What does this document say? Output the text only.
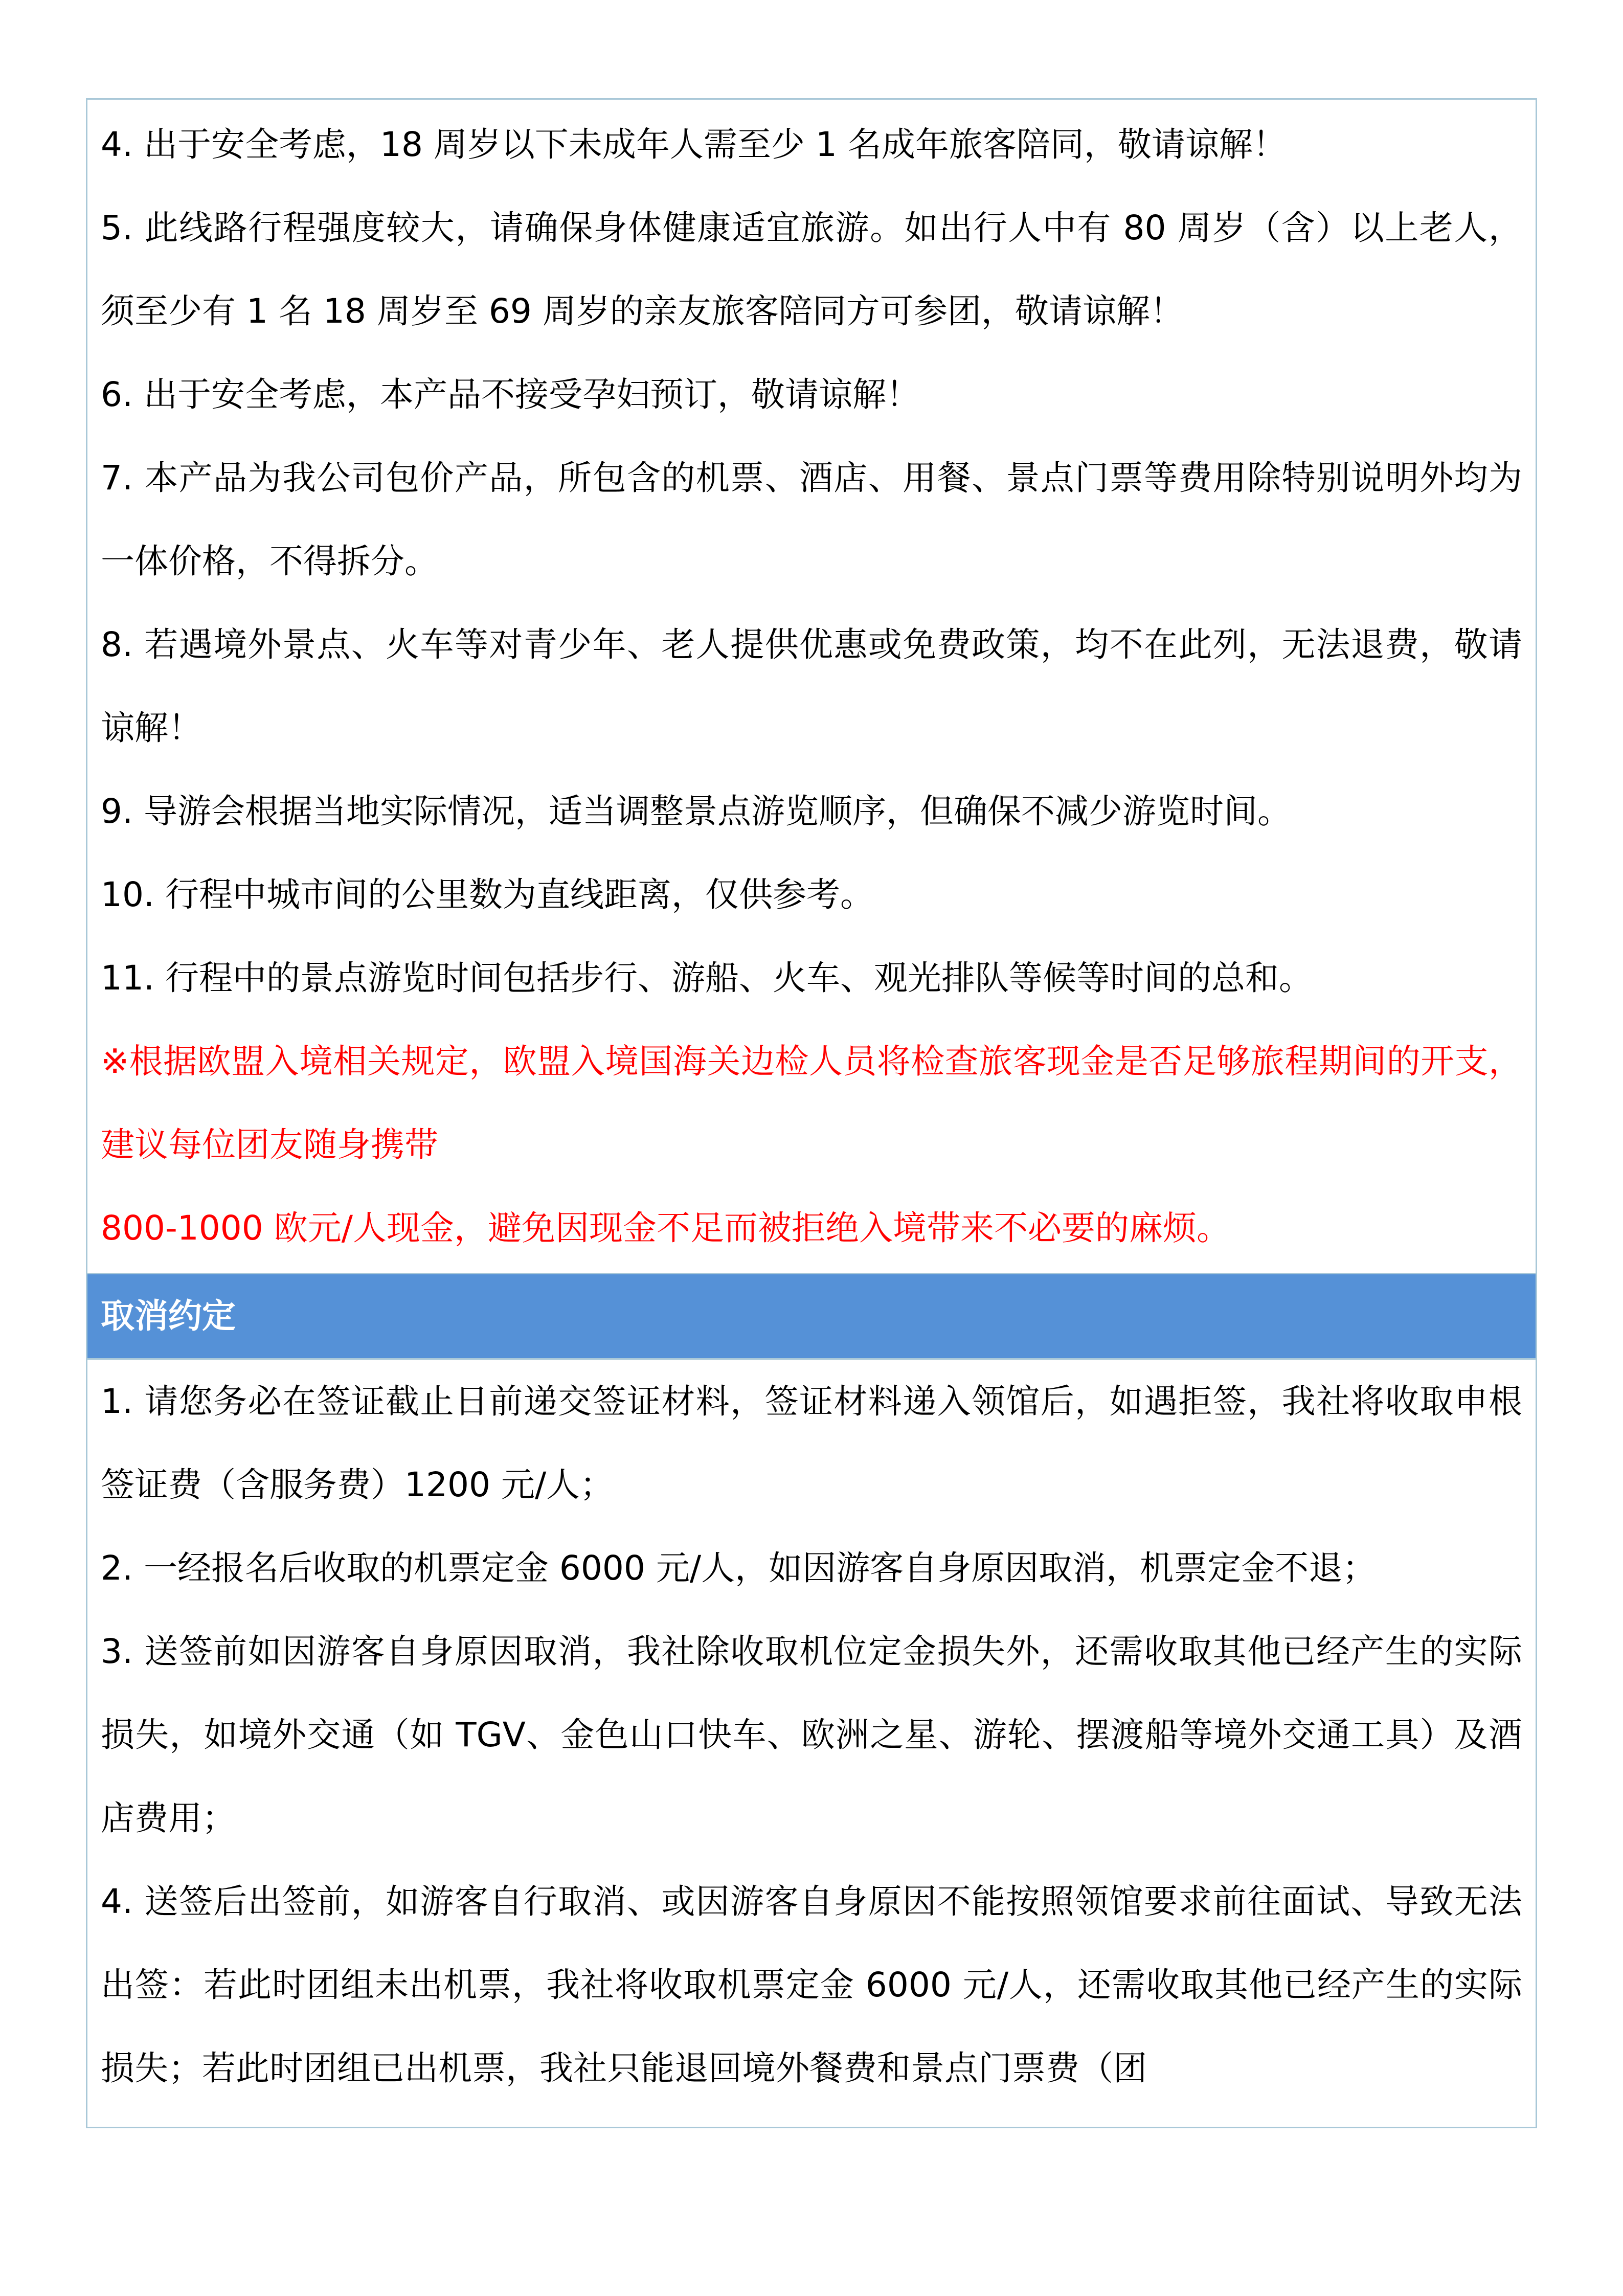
4. 出于安全考虑，18 周岁以下未成年人需至少 1 名成年旅客陪同，敬请谅解！

5. 此线路行程强度较大，请确保身体健康适宜旅游。如出行人中有 80 周岁（含）以上老人，须至少有 1 名 18 周岁至 69 周岁的亲友旅客陪同方可参团，敬请谅解！

6. 出于安全考虑，本产品不接受孕妇预订，敬请谅解！

7. 本产品为我公司包价产品，所包含的机票、酒店、用餐、景点门票等费用除特别说明外均为一体价格，不得拆分。

8. 若遇境外景点、火车等对青少年、老人提供优惠或免费政策，均不在此列，无法退费，敬请谅解！

9. 导游会根据当地实际情况，适当调整景点游览顺序，但确保不减少游览时间。

10. 行程中城市间的公里数为直线距离，仅供参考。

11. 行程中的景点游览时间包括步行、游船、火车、观光排队等候等时间的总和。

※根据欧盟入境相关规定，欧盟入境国海关边检人员将检查旅客现金是否足够旅程期间的开支，建议每位团友随身携带

800-1000 欧元/人现金，避免因现金不足而被拒绝入境带来不必要的麻烦。

取消约定

1. 请您务必在签证截止日前递交签证材料，签证材料递入领馆后，如遇拒签，我社将收取申根签证费（含服务费）1200 元/人；

2. 一经报名后收取的机票定金 6000 元/人，如因游客自身原因取消，机票定金不退；

3. 送签前如因游客自身原因取消，我社除收取机位定金损失外，还需收取其他已经产生的实际损失，如境外交通（如 TGV、金色山口快车、欧洲之星、游轮、摆渡船等境外交通工具）及酒店费用；

4. 送签后出签前，如游客自行取消、或因游客自身原因不能按照领馆要求前往面试、导致无法出签：若此时团组未出机票，我社将收取机票定金 6000 元/人，还需收取其他已经产生的实际损失；若此时团组已出机票，我社只能退回境外餐费和景点门票费（团
